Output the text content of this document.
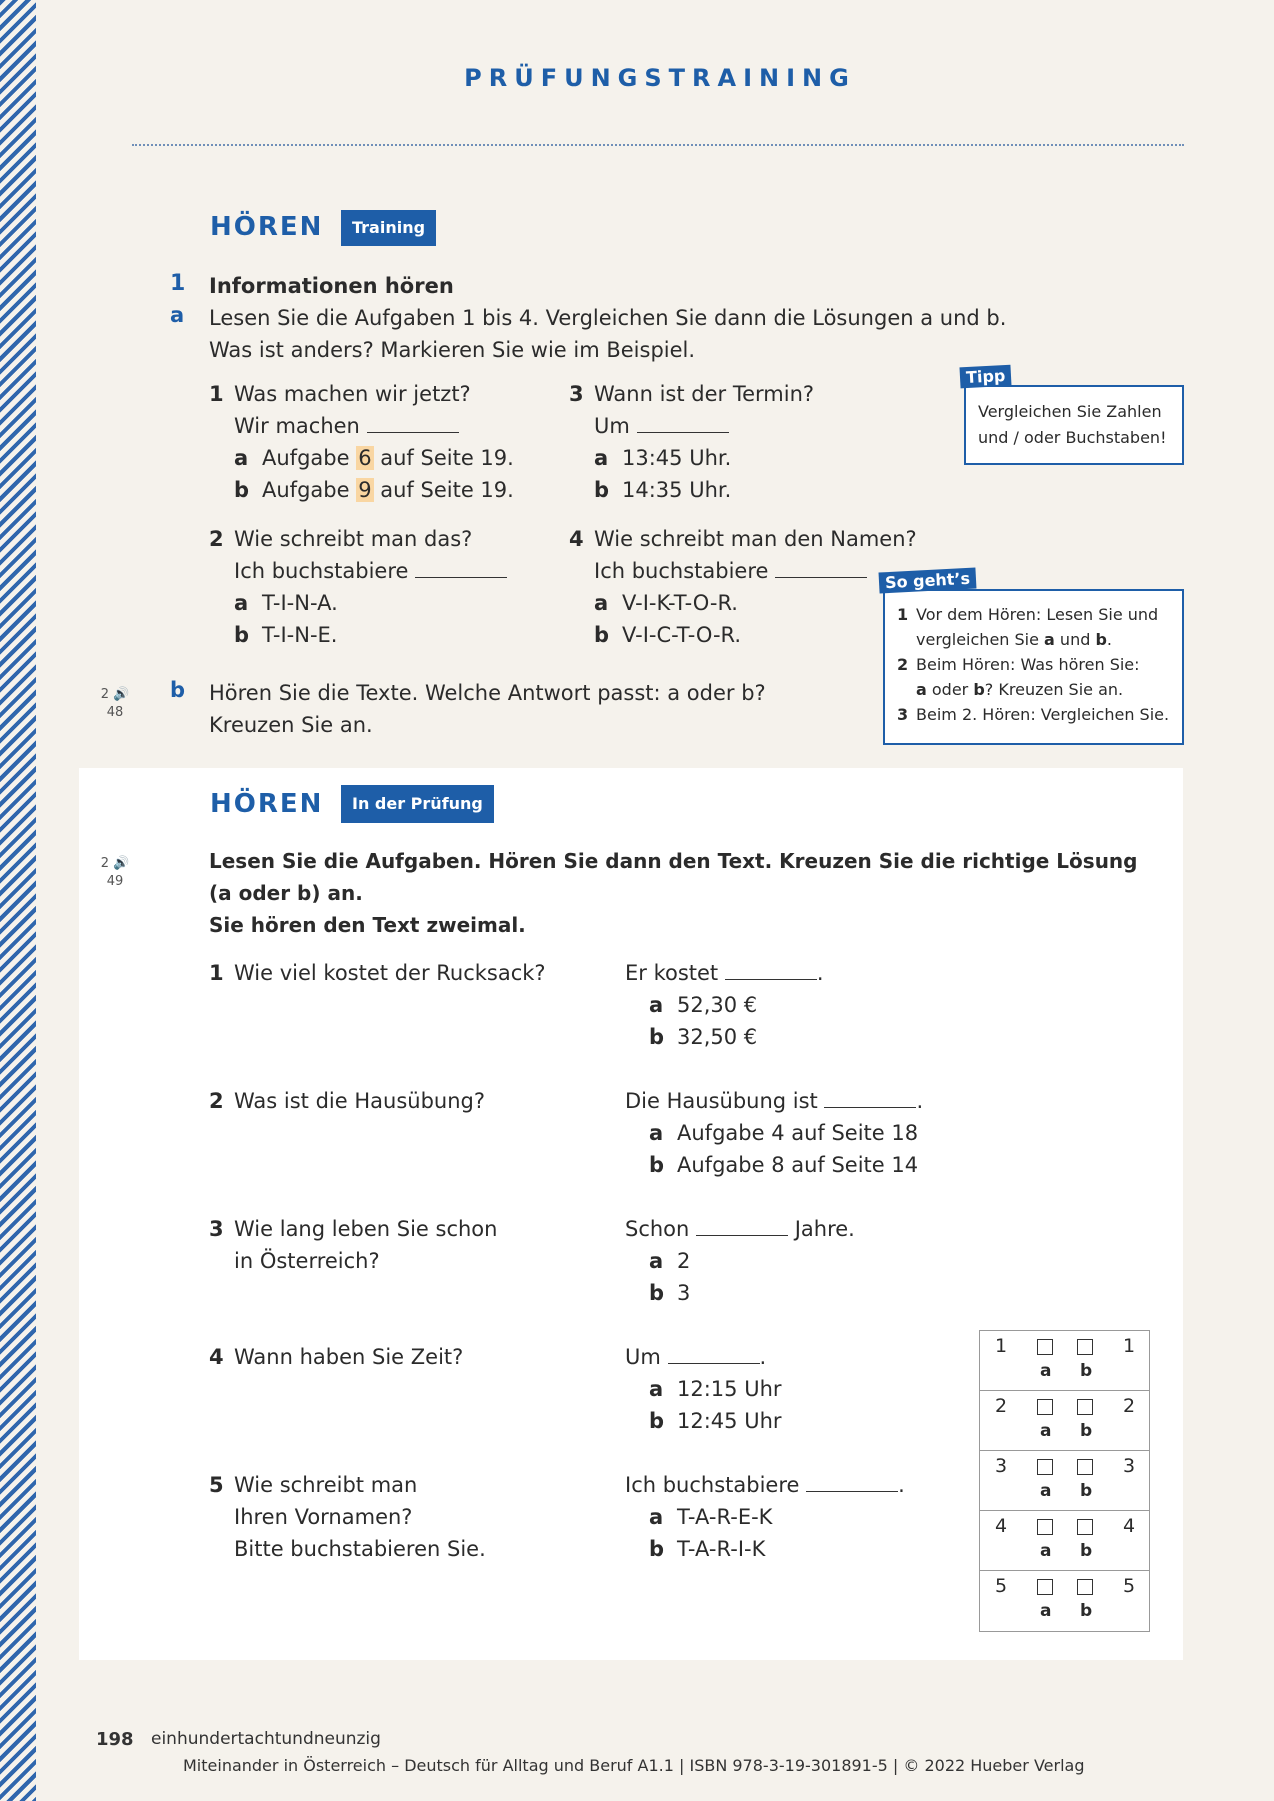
PRÜFUNGSTRAINING
HÖREN	Training
1 Informationen hören
a Lesen Sie die Aufgaben 1 bis 4. Vergleichen Sie dann die Lösungen a und b.
Was ist anders? Markieren Sie wie im Beispiel.
1 Was machen wir jetzt?
Wir machen
a Aufgabe 6 auf Seite 19.
b Aufgabe 9 auf Seite 19.
3 Wann ist der Termin?
Um
a 13:45 Uhr.
b 14:35 Uhr.
2 Wie schreibt man das?
Ich buchstabiere
a T-I-N-A.
b T-I-N-E.
4 Wie schreibt man den Namen?
Ich buchstabiere
a V-I-K-T-O-R.
b V-I-C-T-O-R.
Vergleichen Sie Zahlen
und / oder Buchstaben!
Tipp
1 Vor dem Hören: Lesen Sie und
vergleichen Sie a und b.
2 Beim Hören: Was hören Sie:
a oder b? Kreuzen Sie an.
3 Beim 2. Hören: Vergleichen Sie.
So geht’s
2 🔊
48
b Hören Sie die Texte. Welche Antwort passt: a oder b?
Kreuzen Sie an.
HÖREN	In der Prüfung
2 🔊
49
Lesen Sie die Aufgaben. Hören Sie dann den Text. Kreuzen Sie die richtige Lösung
(a oder b) an.
Sie hören den Text zweimal.
1 Wie viel kostet der Rucksack?	Er kostet	.
a 52,30 €
b 32,50 €
2 Was ist die Hausübung?	Die Hausübung ist	.
a Aufgabe 4 auf Seite 18
b Aufgabe 8 auf Seite 14
3 Wie lang leben Sie schon
in Österreich?
Schon	Jahre.
a 2
b 3
4 Wann haben Sie Zeit?	Um	.
a 12:15 Uhr
b 12:45 Uhr
5 Wie schreibt man
Ihren Vornamen?
Bitte buchstabieren Sie.
Ich buchstabiere	.
a T-A-R-E-K
b T-A-R-I-K
1
a b
1
2
a b
2
3
a b
3
4
a b
4
5
a b
5
198 einhundertachtundneunzig
Miteinander in Österreich – Deutsch für Alltag und Beruf A1.1 | ISBN 978-3-19-301891-5 | © 2022 Hueber Verlag
